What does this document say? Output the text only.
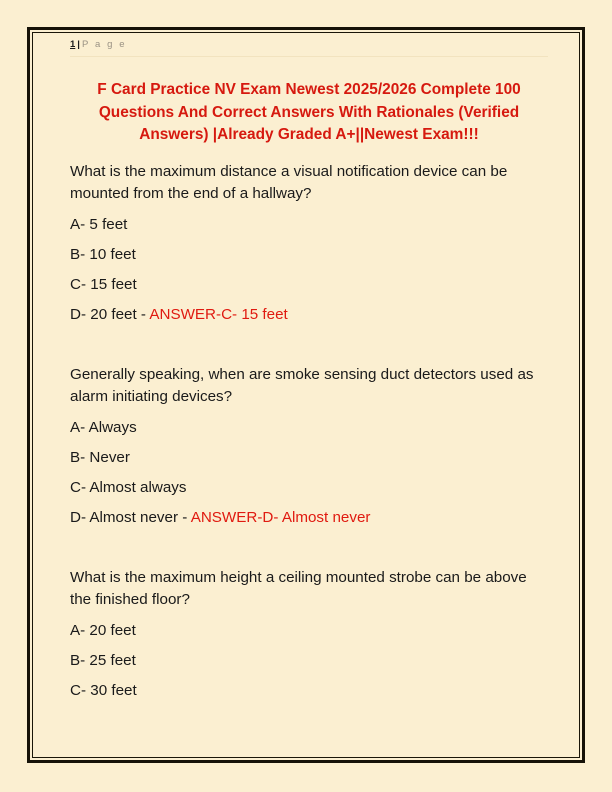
1 | P a g e
F Card Practice NV Exam Newest 2025/2026 Complete 100 Questions And Correct Answers With Rationales (Verified Answers) |Already Graded A+||Newest Exam!!!

What is the maximum distance a visual notification device can be mounted from the end of a hallway?

A- 5 feet

B- 10 feet

C- 15 feet

D- 20 feet - ANSWER-C- 15 feet

Generally speaking, when are smoke sensing duct detectors used as alarm initiating devices?

A- Always

B- Never

C- Almost always

D- Almost never - ANSWER-D- Almost never

What is the maximum height a ceiling mounted strobe can be above the finished floor?

A- 20 feet

B- 25 feet

C- 30 feet
